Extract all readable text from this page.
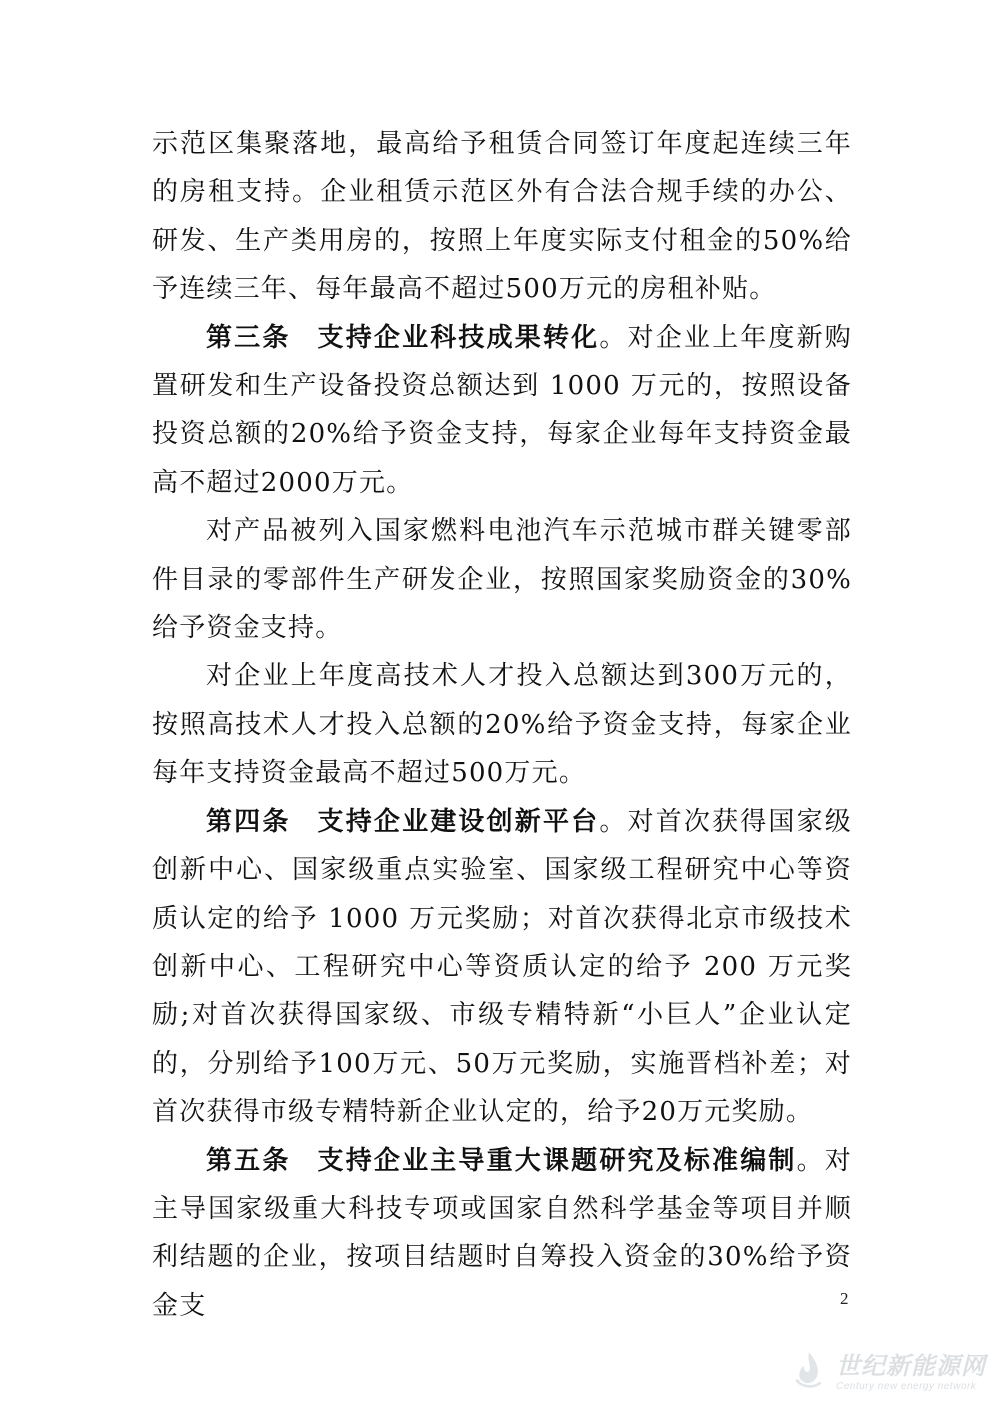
示范区集聚落地，最高给予租赁合同签订年度起连续三年的房租支持。企业租赁示范区外有合法合规手续的办公、研发、生产类用房的，按照上年度实际支付租金的50%给予连续三年、每年最高不超过500万元的房租补贴。

第三条 支持企业科技成果转化。对企业上年度新购置研发和生产设备投资总额达到 1000 万元的，按照设备投资总额的20%给予资金支持，每家企业每年支持资金最高不超过2000万元。

对产品被列入国家燃料电池汽车示范城市群关键零部件目录的零部件生产研发企业，按照国家奖励资金的30%给予资金支持。

对企业上年度高技术人才投入总额达到300万元的，按照高技术人才投入总额的20%给予资金支持，每家企业每年支持资金最高不超过500万元。

第四条 支持企业建设创新平台。对首次获得国家级创新中心、国家级重点实验室、国家级工程研究中心等资质认定的给予 1000 万元奖励；对首次获得北京市级技术创新中心、工程研究中心等资质认定的给予 200 万元奖励;对首次获得国家级、市级专精特新“小巨人”企业认定的，分别给予100万元、50万元奖励，实施晋档补差；对首次获得市级专精特新企业认定的，给予20万元奖励。

第五条 支持企业主导重大课题研究及标准编制。对主导国家级重大科技专项或国家自然科学基金等项目并顺利结题的企业，按项目结题时自筹投入资金的30%给予资金支	2
世纪新能源网
Century new energy network
